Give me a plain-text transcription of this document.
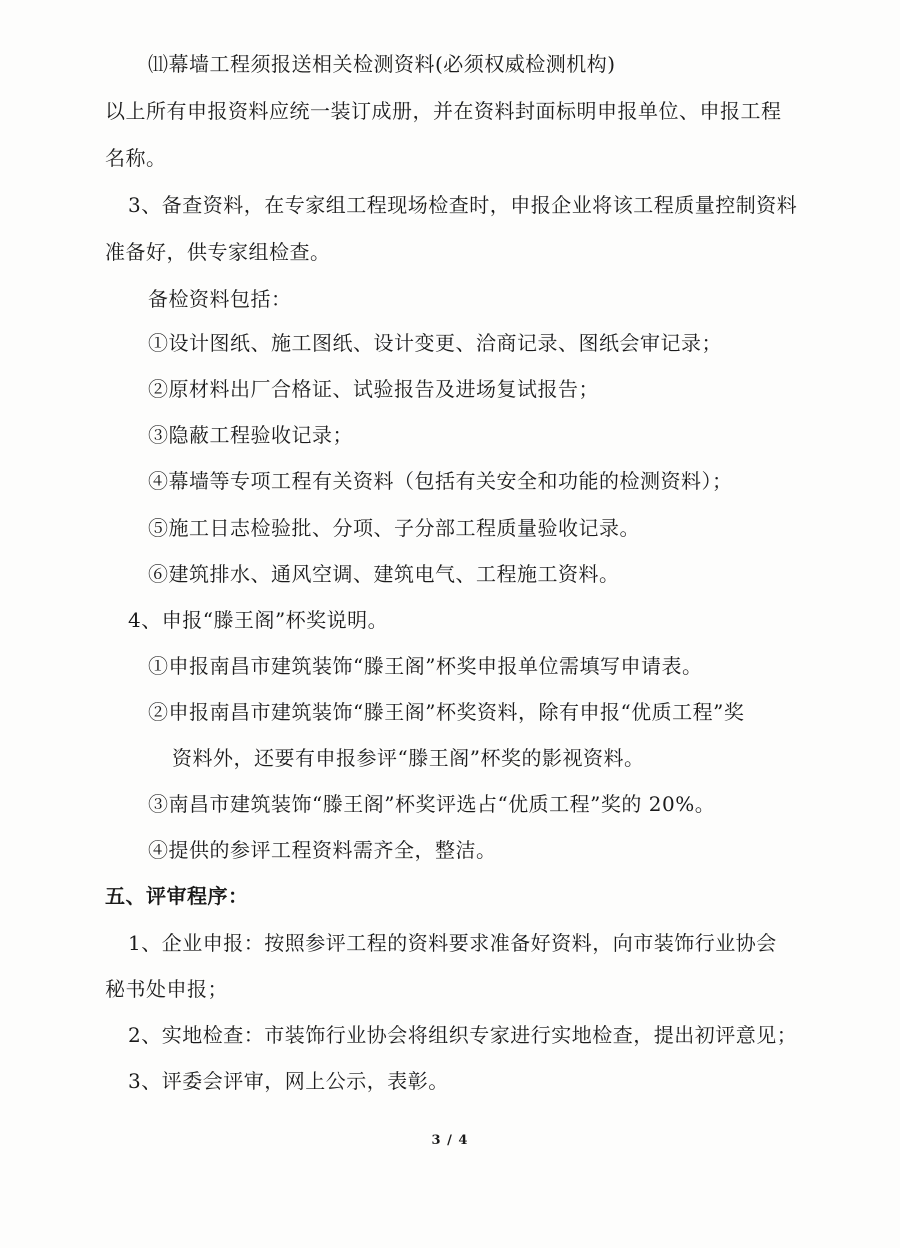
⑾幕墙工程须报送相关检测资料(必须权威检测机构)
以上所有申报资料应统一装订成册，并在资料封面标明申报单位、申报工程
名称。
3、备查资料，在专家组工程现场检查时，申报企业将该工程质量控制资料
准备好，供专家组检查。
备检资料包括：
①设计图纸、施工图纸、设计变更、洽商记录、图纸会审记录；
②原材料出厂合格证、试验报告及进场复试报告；
③隐蔽工程验收记录；
④幕墙等专项工程有关资料（包括有关安全和功能的检测资料）；
⑤施工日志检验批、分项、子分部工程质量验收记录。
⑥建筑排水、通风空调、建筑电气、工程施工资料。
4、申报“滕王阁”杯奖说明。
①申报南昌市建筑装饰“滕王阁”杯奖申报单位需填写申请表。
②申报南昌市建筑装饰“滕王阁”杯奖资料，除有申报“优质工程”奖
资料外，还要有申报参评“滕王阁”杯奖的影视资料。
③南昌市建筑装饰“滕王阁”杯奖评选占“优质工程”奖的 20%。
④提供的参评工程资料需齐全，整洁。
五、评审程序：
1、企业申报：按照参评工程的资料要求准备好资料，向市装饰行业协会
秘书处申报；
2、实地检查：市装饰行业协会将组织专家进行实地检查，提出初评意见；
3、评委会评审，网上公示，表彰。
3 / 4
